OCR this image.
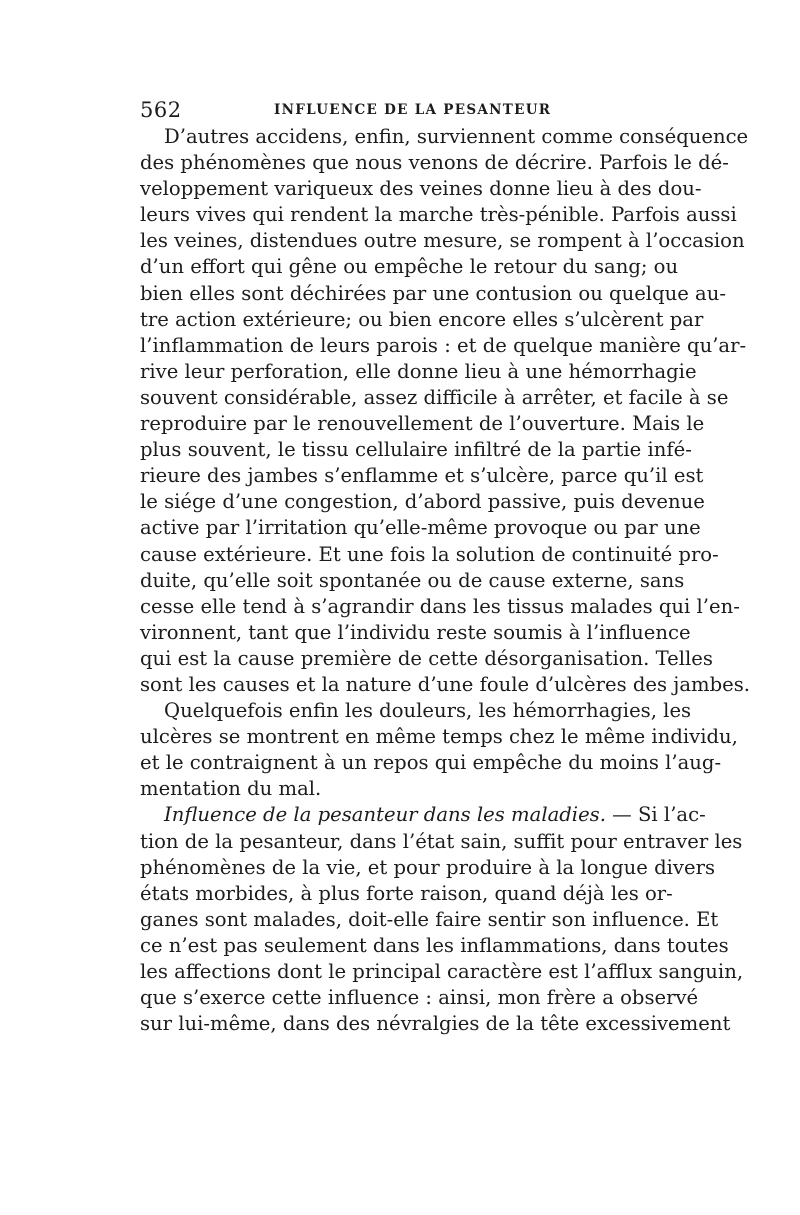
562	INFLUENCE DE LA PESANTEUR
D’autres accidens, enfin, surviennent comme conséquence
des phénomènes que nous venons de décrire. Parfois le dé-
veloppement variqueux des veines donne lieu à des dou-
leurs vives qui rendent la marche très-pénible. Parfois aussi
les veines, distendues outre mesure, se rompent à l’occasion
d’un effort qui gêne ou empêche le retour du sang; ou
bien elles sont déchirées par une contusion ou quelque au-
tre action extérieure; ou bien encore elles s’ulcèrent par
l’inflammation de leurs parois : et de quelque manière qu’ar-
rive leur perforation, elle donne lieu à une hémorrhagie
souvent considérable, assez difficile à arrêter, et facile à se
reproduire par le renouvellement de l’ouverture. Mais le
plus souvent, le tissu cellulaire infiltré de la partie infé-
rieure des jambes s’enflamme et s’ulcère, parce qu’il est
le siége d’une congestion, d’abord passive, puis devenue
active par l’irritation qu’elle-même provoque ou par une
cause extérieure. Et une fois la solution de continuité pro-
duite, qu’elle soit spontanée ou de cause externe, sans
cesse elle tend à s’agrandir dans les tissus malades qui l’en-
vironnent, tant que l’individu reste soumis à l’influence
qui est la cause première de cette désorganisation. Telles
sont les causes et la nature d’une foule d’ulcères des jambes.
Quelquefois enfin les douleurs, les hémorrhagies, les
ulcères se montrent en même temps chez le même individu,
et le contraignent à un repos qui empêche du moins l’aug-
mentation du mal.
Influence de la pesanteur dans les maladies. — Si l’ac-
tion de la pesanteur, dans l’état sain, suffit pour entraver les
phénomènes de la vie, et pour produire à la longue divers
états morbides, à plus forte raison, quand déjà les or-
ganes sont malades, doit-elle faire sentir son influence. Et
ce n’est pas seulement dans les inflammations, dans toutes
les affections dont le principal caractère est l’afflux sanguin,
que s’exerce cette influence : ainsi, mon frère a observé
sur lui-même, dans des névralgies de la tête excessivement
